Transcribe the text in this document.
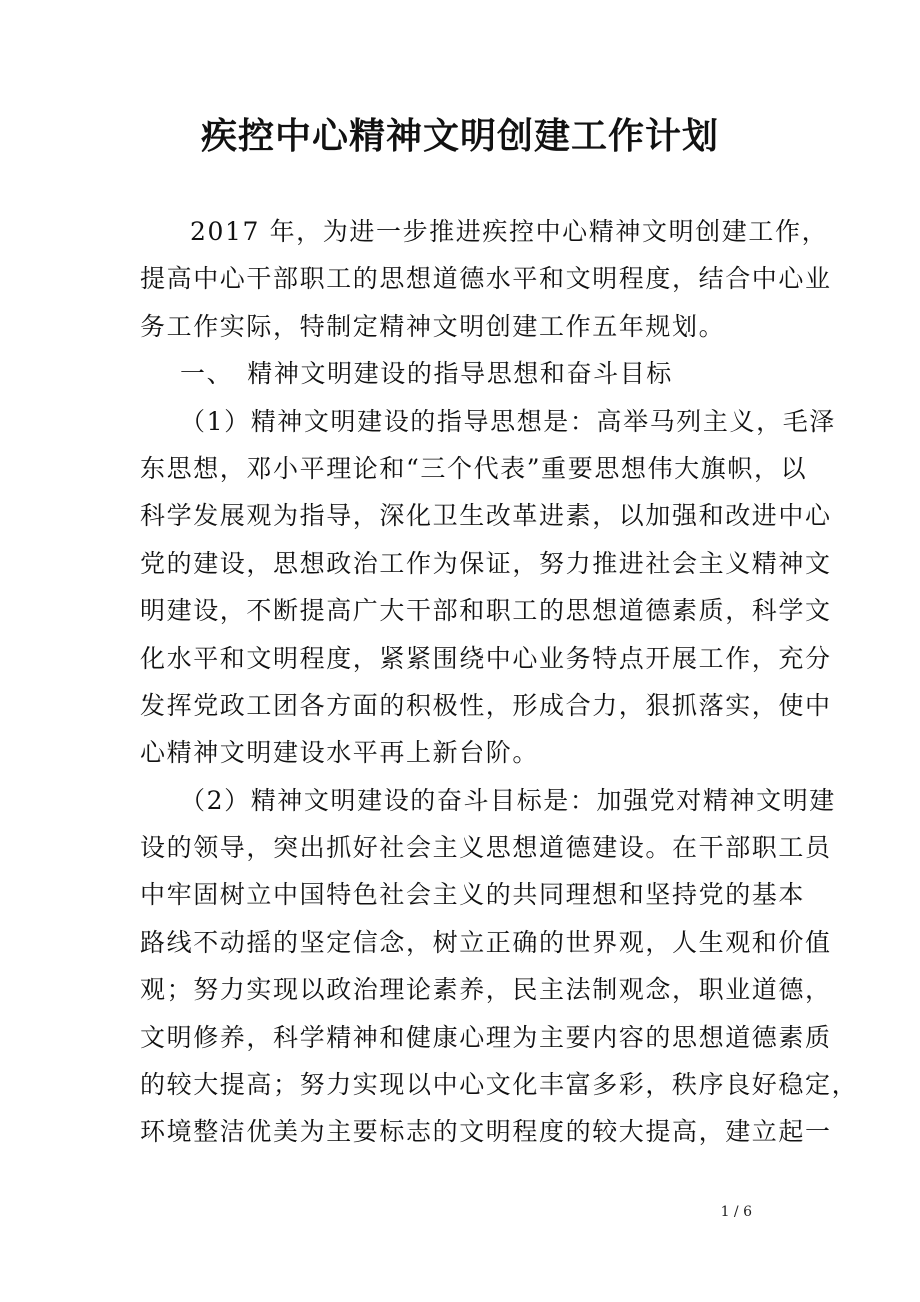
疾控中心精神文明创建工作计划
2017 年，为进一步推进疾控中心精神文明创建工作，
提高中心干部职工的思想道德水平和文明程度，结合中心业
务工作实际，特制定精神文明创建工作五年规划。
一、　精神文明建设的指导思想和奋斗目标
（1）精神文明建设的指导思想是：高举马列主义，毛泽
东思想，邓小平理论和“三个代表”重要思想伟大旗帜，以
科学发展观为指导，深化卫生改革进素，以加强和改进中心
党的建设，思想政治工作为保证，努力推进社会主义精神文
明建设，不断提高广大干部和职工的思想道德素质，科学文
化水平和文明程度，紧紧围绕中心业务特点开展工作，充分
发挥党政工团各方面的积极性，形成合力，狠抓落实，使中
心精神文明建设水平再上新台阶。
（2）精神文明建设的奋斗目标是：加强党对精神文明建
设的领导，突出抓好社会主义思想道德建设。在干部职工员
中牢固树立中国特色社会主义的共同理想和坚持党的基本
路线不动摇的坚定信念，树立正确的世界观，人生观和价值
观；努力实现以政治理论素养，民主法制观念，职业道德，
文明修养，科学精神和健康心理为主要内容的思想道德素质
的较大提高；努力实现以中心文化丰富多彩，秩序良好稳定，
环境整洁优美为主要标志的文明程度的较大提高，建立起一
1 / 6
